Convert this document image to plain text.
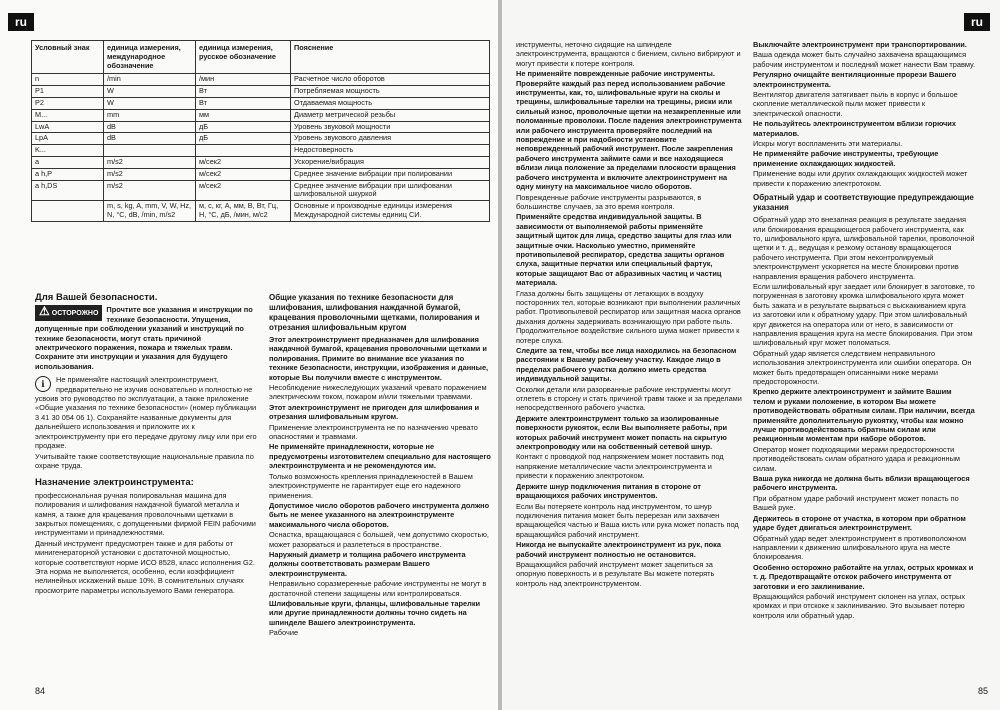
ru
Условный знак	единица измерения, международное обозначение	единица измерения, русское обозначение	Пояснение
n	/min	/мин	Расчетное число оборотов
P1	W	Вт	Потребляемая мощность
P2	W	Вт	Отдаваемая мощность
M...	mm	мм	Диаметр метрической резьбы
LwA	dB	дБ	Уровень звуковой мощности
LpA	dB	дБ	Уровень звукового давления
K...			Недостоверность
a	m/s2	м/сек2	Ускорение/вибрация
a h,P	m/s2	м/сек2	Среднее значение вибрации при полировании
a h,DS	m/s2	м/сек2	Среднее значение вибрации при шлифовании шлифовальной шкуркой
	m, s, kg, A, mm, V, W, Hz, N, °C, dB, /min, m/s2	м, с, кг, А, мм, В, Вт, Гц, Н, °С, дБ, /мин, м/с2	Основные и производные единицы измерения Международной системы единиц СИ.
Для Вашей безопасности.
⚠ ОСТОРОЖНО	Прочтите все указания и инструкции по технике безопасности. Упущения, допущенные при соблюдении указаний и инструкций по технике безопасности, могут стать причиной электрического поражения, пожара и тяжелых травм.

Сохраните эти инструкции и указания для будущего использования.

ℹ	Не применяйте настоящий электроинструмент, предварительно не изучив основательно и полностью не усвоив это руководство по эксплуатации, а также приложение «Общие указания по технике безопасности» (номер публикации 3 41 30 054 06 1). Сохраняйте названные документы для дальнейшего использования и приложите их к электроинструменту при его передаче другому лицу или при его продаже.

Учитывайте также соответствующие национальные правила по охране труда.

Назначение электроинструмента:

профессиональная ручная полировальная машина для полирования и шлифования наждачной бумагой металла и камня, а также для крацевания проволочными щетками в закрытых помещениях, с допущенными фирмой FEIN рабочими инструментами и принадлежностями.

Данный инструмент предусмотрен также и для работы от минигенераторной установки с достаточной мощностью, которые соответствуют норме ИСО 8528, класс исполнения G2. Эта норма не выполняется, особенно, если коэффициент нелинейных искажений выше 10%. В сомнительных случаях просмотрите параметры используемого Вами генератора.

Общие указания по технике безопасности для шлифования, шлифования наждачной бумагой, крацевания проволочными щетками, полирования и отрезания шлифовальным кругом

Этот электроинструмент предназначен для шлифования наждачной бумагой, крацевания проволочными щетками и полирования. Примите во внимание все указания по технике безопасности, инструкции, изображения и данные, которые Вы получили вместе с инструментом.

Несоблюдение нижеследующих указаний чревато поражением электрическим током, пожаром и/или тяжелыми травмами.

Этот электроинструмент не пригоден для шлифования и отрезания шлифовальным кругом.

Применение электроинструмента не по назначению чревато опасностями и травмами.

Не применяйте принадлежности, которые не предусмотрены изготовителем специально для настоящего электроинструмента и не рекомендуются им.

Только возможность крепления принадлежностей в Вашем электроинструменте не гарантирует еще его надежного применения.

Допустимое число оборотов рабочего инструмента должно быть не менее указанного на электроинструменте максимального числа оборотов.

Оснастка, вращающаяся с большей, чем допустимо скоростью, может разорваться и разлететься в пространстве.

Наружный диаметр и толщина рабочего инструмента должны соответствовать размерам Вашего электроинструмента.

Неправильно соразмеренные рабочие инструменты не могут в достаточной степени защищены или контролироваться.

Шлифовальные круги, фланцы, шлифовальные тарелки или другие принадлежности должны точно сидеть на шпинделе Вашего электроинструмента.

Рабочие

84
ru

инструменты, неточно сидящие на шпинделе электроинструмента, вращаются с биением, сильно вибрируют и могут привести к потере контроля.

Не применяйте поврежденные рабочие инструменты. Проверяйте каждый раз перед использованием рабочие инструменты, как, то, шлифовальные круги на сколы и трещины, шлифовальные тарелки на трещины, риски или сильный износ, проволочные щетки на незакрепленные или поломанные проволоки. После падения электроинструмента или рабочего инструмента проверяйте последний на повреждение и при надобности установите неповрежденный рабочий инструмент. После закрепления рабочего инструмента займите сами и все находящиеся вблизи лица положение за пределами плоскости вращения рабочего инструмента и включите электроинструмент на одну минуту на максимальное число оборотов.

Поврежденные рабочие инструменты разрываются, в большинстве случаев, за это время контроля.

Применяйте средства индивидуальной защиты. В зависимости от выполняемой работы применяйте защитный щиток для лица, средство защиты для глаз или защитные очки. Насколько уместно, применяйте противопылевой респиратор, средства защиты органов слуха, защитные перчатки или специальный фартук, которые защищают Вас от абразивных частиц и частиц материала.

Глаза должны быть защищены от летающих в воздуху посторонних тел, которые возникают при выполнении различных работ. Противопылевой респиратор или защитная маска органов дыхания должны задерживать возникающую при работе пыль. Продолжительное воздействие сильного шума может привести к потере слуха.

Следите за тем, чтобы все лица находились на безопасном расстоянии к Вашему рабочему участку. Каждое лицо в пределах рабочего участка должно иметь средства индивидуальной защиты.

Осколки детали или разорванные рабочие инструменты могут отлететь в сторону и стать причиной травм также и за пределами непосредственного рабочего участка.

Держите электроинструмент только за изолированные поверхности рукояток, если Вы выполняете работы, при которых рабочий инструмент может попасть на скрытую электропроводку или на собственный сетевой шнур.

Контакт с проводкой под напряжением может поставить под напряжение металлические части электроинструмента и привести к поражению электротоком.

Держите шнур подключения питания в стороне от вращающихся рабочих инструментов.

Если Вы потеряете контроль над инструментом, то шнур подключения питания может быть перерезан или захвачен вращающейся частью и Ваша кисть или рука может попасть под вращающийся рабочий инструмент.

Никогда не выпускайте электроинструмент из рук, пока рабочий инструмент полностью не остановится.

Вращающийся рабочий инструмент может зацепиться за опорную поверхность и в результате Вы можете потерять контроль над электроинструментом.

Выключайте электроинструмент при транспортировании.

Ваша одежда может быть случайно захвачена вращающимся рабочим инструментом и последний может нанести Вам травму.

Регулярно очищайте вентиляционные прорези Вашего электроинструмента.

Вентилятор двигателя затягивает пыль в корпус и большое скопление металлической пыли может привести к электрической опасности.

Не пользуйтесь электроинструментом вблизи горючих материалов.

Искры могут воспламенить эти материалы.

Не применяйте рабочие инструменты, требующие применение охлаждающих жидкостей.

Применение воды или других охлаждающих жидкостей может привести к поражению электротоком.

Обратный удар и соответствующие предупреждающие указания

Обратный удар это внезапная реакция в результате заедания или блокирования вращающегося рабочего инструмента, как то, шлифовального круга, шлифовальной тарелки, проволочной щетки и т. д., ведущая к резкому останову вращающегося рабочего инструмента. При этом неконтролируемый электроинструмент ускоряется на месте блокировки против направления вращения рабочего инструмента.

Если шлифовальный круг заедает или блокирует в заготовке, то погруженная в заготовку кромка шлифовального круга может быть зажата и в результате вырваться с выскакиванием круга из заготовки или к обратному удару. При этом шлифовальный круг движется на оператора или от него, в зависимости от направления вращения круга на месте блокирования. При этом шлифовальный круг может поломаться.

Обратный удар является следствием неправильного использования электроинструмента или ошибки оператора. Он может быть предотвращен описанными ниже мерами предосторожности.

Крепко держите электроинструмент и займите Вашим телом и руками положение, в котором Вы можете противодействовать обратным силам. При наличии, всегда применяйте дополнительную рукоятку, чтобы как можно лучше противодействовать обратным силам или реакционным моментам при наборе оборотов.

Оператор может подходящими мерами предосторожности противодействовать силам обратного удара и реакционным силам.

Ваша рука никогда не должна быть вблизи вращающегося рабочего инструмента.

При обратном ударе рабочий инструмент может попасть по Вашей руке.

Держитесь в стороне от участка, в котором при обратном ударе будет двигаться электроинструмент.

Обратный удар ведет электроинструмент в противоположном направлении к движению шлифовального круга на месте блокирования.

Особенно осторожно работайте на углах, острых кромках и т. д. Предотвращайте отскок рабочего инструмента от заготовки и его заклинивание.

Вращающийся рабочий инструмент склонен на углах, острых кромках и при отскоке к заклиниванию. Это вызывает потерю контроля или обратный удар.

85
